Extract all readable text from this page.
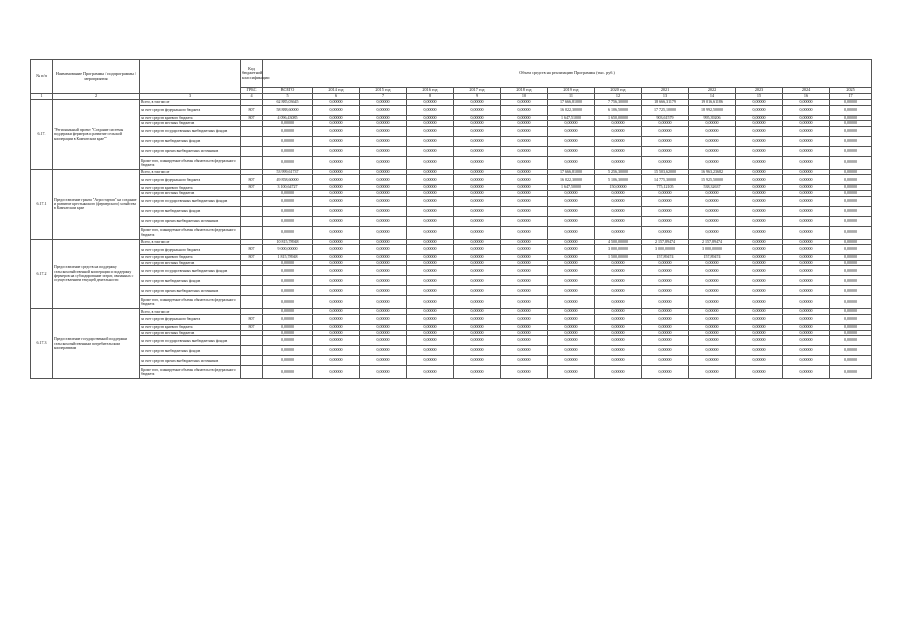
№ п/п	Наименование Программы / подпрограммы / мероприятия		Код бюджетной классификации	Объем средств на реализацию Программы (тыс. руб.)												
			ГРБС	ВСЕГО	2014 год	2015 год	2016 год	2017 год	2018 год	2019 год	2020 год	2021	2022	2023	2024	2025
1	2	3	4	5	6	7	8	9	10	11	12	13	14	15	16	17
6.17.	"Региональный проект "Создание системы поддержки фермеров и развитие сельской кооперации в Камчатском крае""	Всего, в том числе		62 885,03645	0,00000	0,00000	0,00000	0,00000	0,00000	17 666,81000	7 756,30000	18 666,31179	19 016,61186	0,00000	0,00000	0,00000
		за счет средств федерального бюджета	807	58 888,60000	0,00000	0,00000	0,00000	0,00000	0,00000	16 022,30000	6 106,50000	17 725,10000	18 992,50000	0,00000	0,00000	0,00000
		за счет средств краевого бюджета	807	4 096,43085	0,00000	0,00000	0,00000	0,00000	0,00000	1 647,51000	1 650,00000	903,61579	995,39206	0,00000	0,00000	0,00000
		за счет средств местных бюджетов		0,00000	0,00000	0,00000	0,00000	0,00000	0,00000	0,00000	0,00000	0,00000	0,00000	0,00000	0,00000	0,00000
		за счет средств государственных внебюджетных фондов		0,00000	0,00000	0,00000	0,00000	0,00000	0,00000	0,00000	0,00000	0,00000	0,00000	0,00000	0,00000	0,00000
		за счет средств внебюджетных фондов		0,00000	0,00000	0,00000	0,00000	0,00000	0,00000	0,00000	0,00000	0,00000	0,00000	0,00000	0,00000	0,00000
		за счет средств прочих внебюджетных источников		0,00000	0,00000	0,00000	0,00000	0,00000	0,00000	0,00000	0,00000	0,00000	0,00000	0,00000	0,00000	0,00000
		Кроме того, планируемые объемы обязательств федерального бюджета		0,00000	0,00000	0,00000	0,00000	0,00000	0,00000	0,00000	0,00000	0,00000	0,00000	0,00000	0,00000	0,00000
6.17.1	Предоставление гранта "Агростартап" на создание и развитие крестьянского (фермерского) хозяйства в Камчатском крае	Всего, в том числе		53 999,61737	0,00000	0,00000	0,00000	0,00000	0,00000	17 666,81000	5 256,30000	15 503,62000	16 963,23682	0,00000	0,00000	0,00000
		за счет средств федерального бюджета	807	49 858,60000	0,00000	0,00000	0,00000	0,00000	0,00000	16 022,30000	5 106,30000	14 775,30000	15 925,50000	0,00000	0,00000	0,00000
		за счет средств краевого бюджета	807	3 100,64727	0,00000	0,00000	0,00000	0,00000	0,00000	1 647,50000	150,00000	775,12105	538,32637	0,00000	0,00000	0,00000
		за счет средств местных бюджетов		0,00000	0,00000	0,00000	0,00000	0,00000	0,00000	0,00000	0,00000	0,00000	0,00000	0,00000	0,00000	0,00000
		за счет средств государственных внебюджетных фондов		0,00000	0,00000	0,00000	0,00000	0,00000	0,00000	0,00000	0,00000	0,00000	0,00000	0,00000	0,00000	0,00000
		за счет средств внебюджетных фондов		0,00000	0,00000	0,00000	0,00000	0,00000	0,00000	0,00000	0,00000	0,00000	0,00000	0,00000	0,00000	0,00000
		за счет средств прочих внебюджетных источников		0,00000	0,00000	0,00000	0,00000	0,00000	0,00000	0,00000	0,00000	0,00000	0,00000	0,00000	0,00000	0,00000
		Кроме того, планируемые объемы обязательств федерального бюджета		0,00000	0,00000	0,00000	0,00000	0,00000	0,00000	0,00000	0,00000	0,00000	0,00000	0,00000	0,00000	0,00000
6.17.2	Предоставление средств на поддержку сельскохозяйственной кооперации и поддержку фермеров на субсидирование затрат, связанных с осуществлением текущей деятельности	Всего, в том числе		10 815,78948	0,00000	0,00000	0,00000	0,00000	0,00000	0,00000	4 500,00000	2 157,89474	2 157,89474	0,00000	0,00000	0,00000
		за счет средств федерального бюджета	807	9 000,00000	0,00000	0,00000	0,00000	0,00000	0,00000	0,00000	3 000,00000	3 000,00000	3 000,00000	0,00000	0,00000	0,00000
		за счет средств краевого бюджета	807	1 815,78948	0,00000	0,00000	0,00000	0,00000	0,00000	0,00000	1 500,00000	157,89474	157,89474	0,00000	0,00000	0,00000
		за счет средств местных бюджетов		0,00000	0,00000	0,00000	0,00000	0,00000	0,00000	0,00000	0,00000	0,00000	0,00000	0,00000	0,00000	0,00000
		за счет средств государственных внебюджетных фондов		0,00000	0,00000	0,00000	0,00000	0,00000	0,00000	0,00000	0,00000	0,00000	0,00000	0,00000	0,00000	0,00000
		за счет средств внебюджетных фондов		0,00000	0,00000	0,00000	0,00000	0,00000	0,00000	0,00000	0,00000	0,00000	0,00000	0,00000	0,00000	0,00000
		за счет средств прочих внебюджетных источников		0,00000	0,00000	0,00000	0,00000	0,00000	0,00000	0,00000	0,00000	0,00000	0,00000	0,00000	0,00000	0,00000
		Кроме того, планируемые объемы обязательств федерального бюджета		0,00000	0,00000	0,00000	0,00000	0,00000	0,00000	0,00000	0,00000	0,00000	0,00000	0,00000	0,00000	0,00000
6.17.3	Предоставление государственной поддержки сельскохозяйственным потребительским кооперативам	Всего, в том числе		0,00000	0,00000	0,00000	0,00000	0,00000	0,00000	0,00000	0,00000	0,00000	0,00000	0,00000	0,00000	0,00000
		за счет средств федерального бюджета	807	0,00000	0,00000	0,00000	0,00000	0,00000	0,00000	0,00000	0,00000	0,00000	0,00000	0,00000	0,00000	0,00000
		за счет средств краевого бюджета	807	0,00000	0,00000	0,00000	0,00000	0,00000	0,00000	0,00000	0,00000	0,00000	0,00000	0,00000	0,00000	0,00000
		за счет средств местных бюджетов		0,00000	0,00000	0,00000	0,00000	0,00000	0,00000	0,00000	0,00000	0,00000	0,00000	0,00000	0,00000	0,00000
		за счет средств государственных внебюджетных фондов		0,00000	0,00000	0,00000	0,00000	0,00000	0,00000	0,00000	0,00000	0,00000	0,00000	0,00000	0,00000	0,00000
		за счет средств внебюджетных фондов		0,00000	0,00000	0,00000	0,00000	0,00000	0,00000	0,00000	0,00000	0,00000	0,00000	0,00000	0,00000	0,00000
		за счет средств прочих внебюджетных источников		0,00000	0,00000	0,00000	0,00000	0,00000	0,00000	0,00000	0,00000	0,00000	0,00000	0,00000	0,00000	0,00000
		Кроме того, планируемые объемы обязательств федерального бюджета		0,00000	0,00000	0,00000	0,00000	0,00000	0,00000	0,00000	0,00000	0,00000	0,00000	0,00000	0,00000	0,00000
